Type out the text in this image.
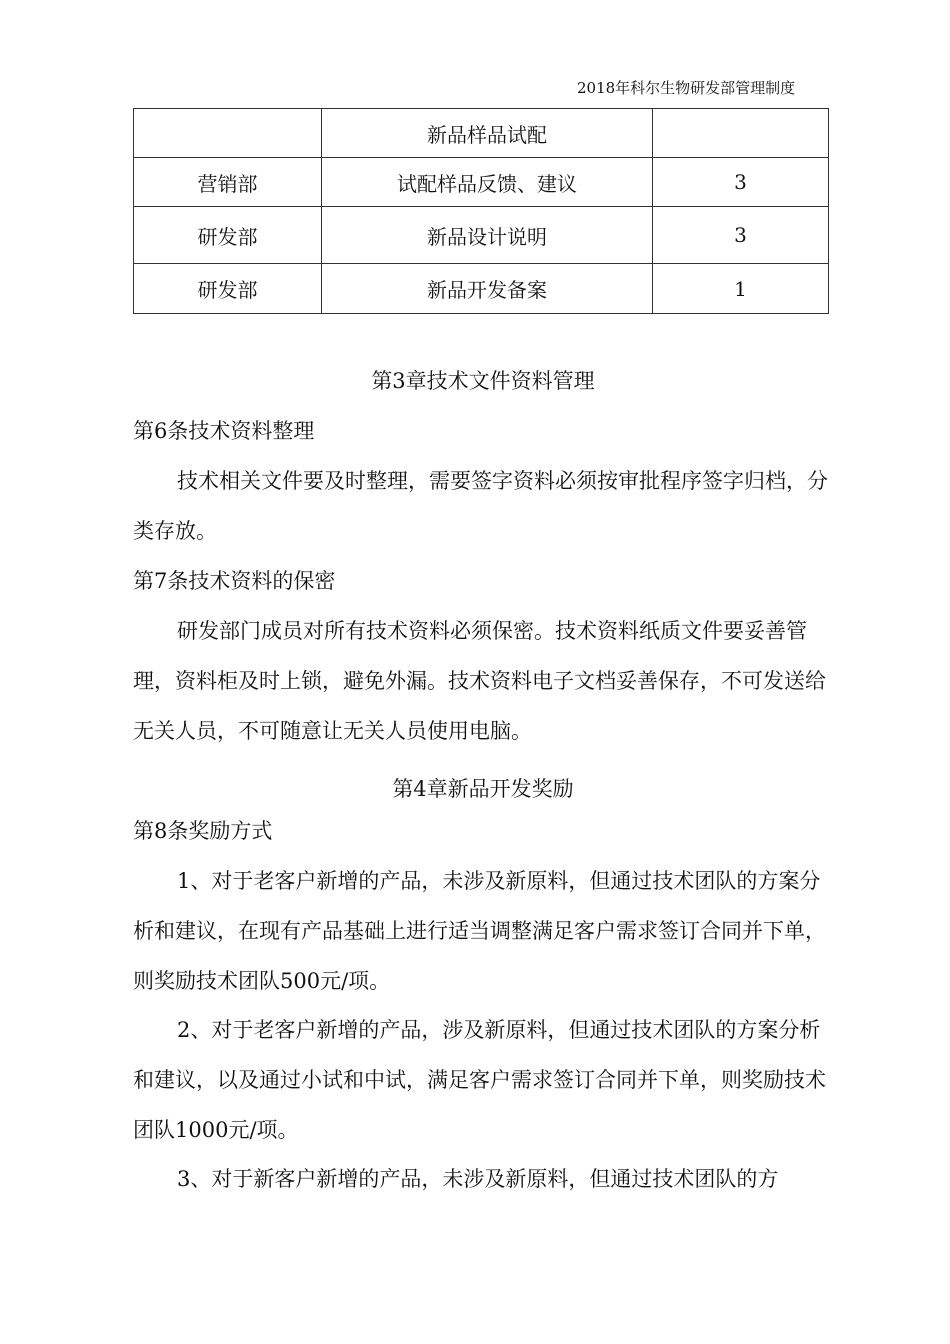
2018年科尔生物研发部管理制度
	新品样品试配	
营销部	试配样品反馈、建议	3
研发部	新品设计说明	3
研发部	新品开发备案	1
第3章技术文件资料管理
第6条技术资料整理
技术相关文件要及时整理，需要签字资料必须按审批程序签字归档，分类存放。
第7条技术资料的保密
研发部门成员对所有技术资料必须保密。技术资料纸质文件要妥善管理，资料柜及时上锁，避免外漏。技术资料电子文档妥善保存，不可发送给无关人员，不可随意让无关人员使用电脑。
第4章新品开发奖励
第8条奖励方式
1、对于老客户新增的产品，未涉及新原料，但通过技术团队的方案分析和建议，在现有产品基础上进行适当调整满足客户需求签订合同并下单，则奖励技术团队500元/项。
2、对于老客户新增的产品，涉及新原料，但通过技术团队的方案分析和建议，以及通过小试和中试，满足客户需求签订合同并下单，则奖励技术团队1000元/项。
3、对于新客户新增的产品，未涉及新原料，但通过技术团队的方
